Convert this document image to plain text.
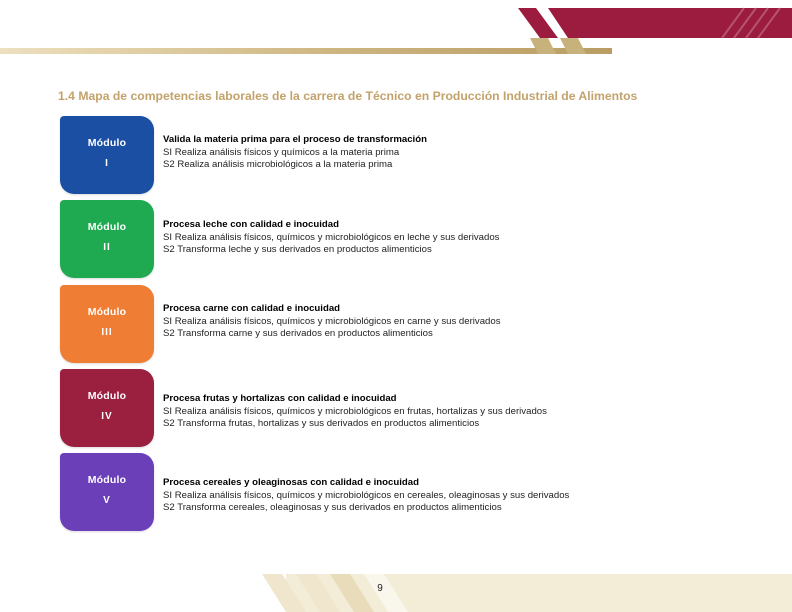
1.4 Mapa de competencias laborales de la carrera de Técnico en Producción Industrial de Alimentos
Módulo
I
Valida la materia prima para el proceso de transformación
SI Realiza análisis físicos y químicos a la materia prima
S2 Realiza análisis microbiológicos a la materia prima
Módulo
II
Procesa leche con calidad e inocuidad
SI Realiza análisis físicos, químicos y microbiológicos en leche y sus derivados
S2 Transforma leche y sus derivados en productos alimenticios
Módulo
III
Procesa carne con calidad e inocuidad
SI Realiza análisis físicos, químicos y microbiológicos en carne y sus derivados
S2 Transforma carne y sus derivados en productos alimenticios
Módulo
IV
Procesa frutas y hortalizas con calidad e inocuidad
SI Realiza análisis físicos, químicos y microbiológicos en frutas, hortalizas y sus derivados
S2 Transforma frutas, hortalizas y sus derivados en productos alimenticios
Módulo
V
Procesa cereales y oleaginosas con calidad e inocuidad
SI Realiza análisis físicos, químicos y microbiológicos en cereales, oleaginosas y sus derivados
S2 Transforma cereales, oleaginosas y sus derivados en productos alimenticios
9
